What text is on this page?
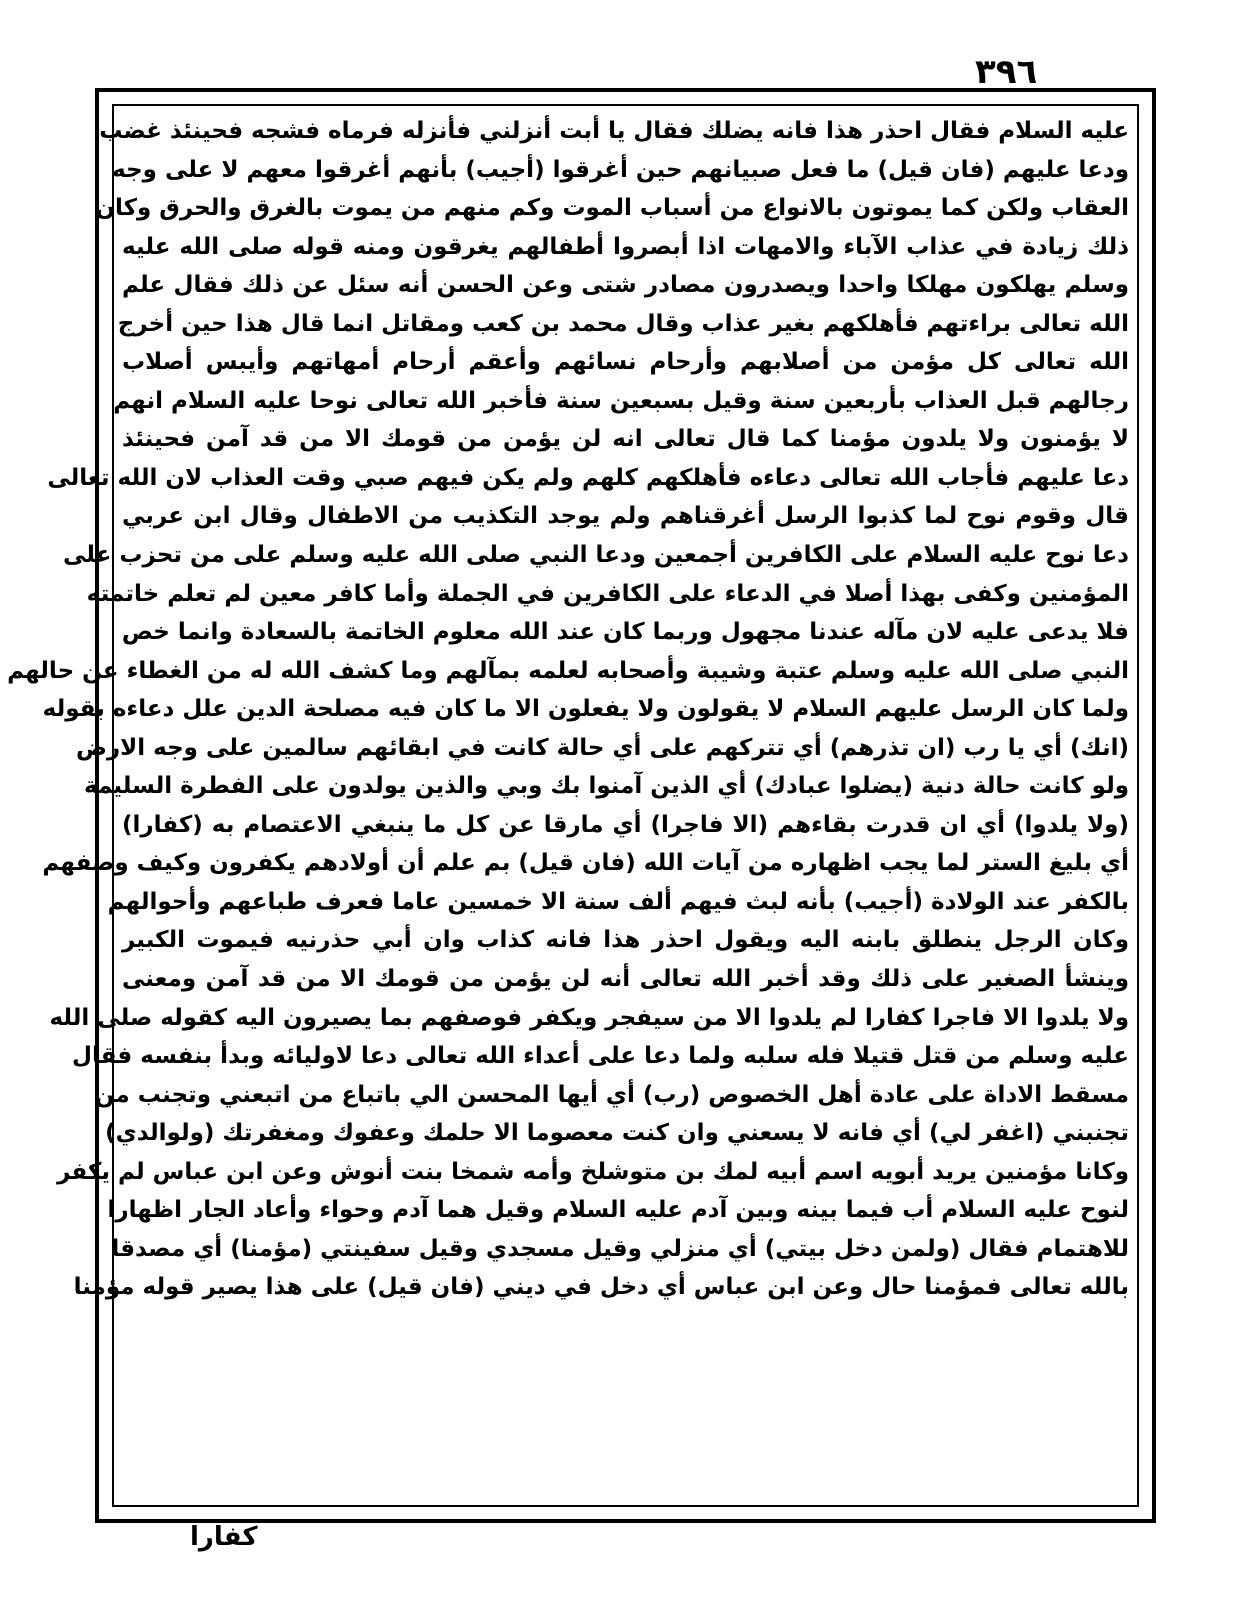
٣٩٦
عليه السلام فقال احذر هذا فانه يضلك فقال يا أبت أنزلني فأنزله فرماه فشجه فحينئذ غضب
ودعا عليهم (فان قيل) ما فعل صبيانهم حين أغرقوا (أجيب) بأنهم أغرقوا معهم لا على وجه
العقاب ولكن كما يموتون بالانواع من أسباب الموت وكم منهم من يموت بالغرق والحرق وكان
ذلك زيادة في عذاب الآباء والامهات اذا أبصروا أطفالهم يغرقون ومنه قوله صلى الله عليه
وسلم يهلكون مهلكا واحدا ويصدرون مصادر شتى وعن الحسن أنه سئل عن ذلك فقال علم
الله تعالى براءتهم فأهلكهم بغير عذاب وقال محمد بن كعب ومقاتل انما قال هذا حين أخرج
الله تعالى كل مؤمن من أصلابهم وأرحام نسائهم وأعقم أرحام أمهاتهم وأيبس أصلاب
رجالهم قبل العذاب بأربعين سنة وقيل بسبعين سنة فأخبر الله تعالى نوحا عليه السلام انهم
لا يؤمنون ولا يلدون مؤمنا كما قال تعالى انه لن يؤمن من قومك الا من قد آمن فحينئذ
دعا عليهم فأجاب الله تعالى دعاءه فأهلكهم كلهم ولم يكن فيهم صبي وقت العذاب لان الله تعالى
قال وقوم نوح لما كذبوا الرسل أغرقناهم ولم يوجد التكذيب من الاطفال وقال ابن عربي
دعا نوح عليه السلام على الكافرين أجمعين ودعا النبي صلى الله عليه وسلم على من تحزب على
المؤمنين وكفى بهذا أصلا في الدعاء على الكافرين في الجملة وأما كافر معين لم تعلم خاتمته
فلا يدعى عليه لان مآله عندنا مجهول وربما كان عند الله معلوم الخاتمة بالسعادة وانما خص
النبي صلى الله عليه وسلم عتبة وشيبة وأصحابه لعلمه بمآلهم وما كشف الله له من الغطاء عن حالهم
ولما كان الرسل عليهم السلام لا يقولون ولا يفعلون الا ما كان فيه مصلحة الدين علل دعاءه بقوله
(انك) أي يا رب (ان تذرهم) أي تتركهم على أي حالة كانت في ابقائهم سالمين على وجه الارض
ولو كانت حالة دنية (يضلوا عبادك) أي الذين آمنوا بك وبي والذين يولدون على الفطرة السليمة
(ولا يلدوا) أي ان قدرت بقاءهم (الا فاجرا) أي مارقا عن كل ما ينبغي الاعتصام به (كفارا)
أي بليغ الستر لما يجب اظهاره من آيات الله (فان قيل) بم علم أن أولادهم يكفرون وكيف وصفهم
بالكفر عند الولادة (أجيب) بأنه لبث فيهم ألف سنة الا خمسين عاما فعرف طباعهم وأحوالهم
وكان الرجل ينطلق بابنه اليه ويقول احذر هذا فانه كذاب وان أبي حذرنيه فيموت الكبير
وينشأ الصغير على ذلك وقد أخبر الله تعالى أنه لن يؤمن من قومك الا من قد آمن ومعنى
ولا يلدوا الا فاجرا كفارا لم يلدوا الا من سيفجر ويكفر فوصفهم بما يصيرون اليه كقوله صلى الله
عليه وسلم من قتل قتيلا فله سلبه ولما دعا على أعداء الله تعالى دعا لاوليائه وبدأ بنفسه فقال
مسقط الاداة على عادة أهل الخصوص (رب) أي أيها المحسن الي باتباع من اتبعني وتجنب من
تجنبني (اغفر لي) أي فانه لا يسعني وان كنت معصوما الا حلمك وعفوك ومغفرتك (ولوالدي)
وكانا مؤمنين يريد أبويه اسم أبيه لمك بن متوشلخ وأمه شمخا بنت أنوش وعن ابن عباس لم يكفر
لنوح عليه السلام أب فيما بينه وبين آدم عليه السلام وقيل هما آدم وحواء وأعاد الجار اظهارا
للاهتمام فقال (ولمن دخل بيتي) أي منزلي وقيل مسجدي وقيل سفينتي (مؤمنا) أي مصدقا
بالله تعالى فمؤمنا حال وعن ابن عباس أي دخل في ديني (فان قيل) على هذا يصير قوله مؤمنا
كفارا
